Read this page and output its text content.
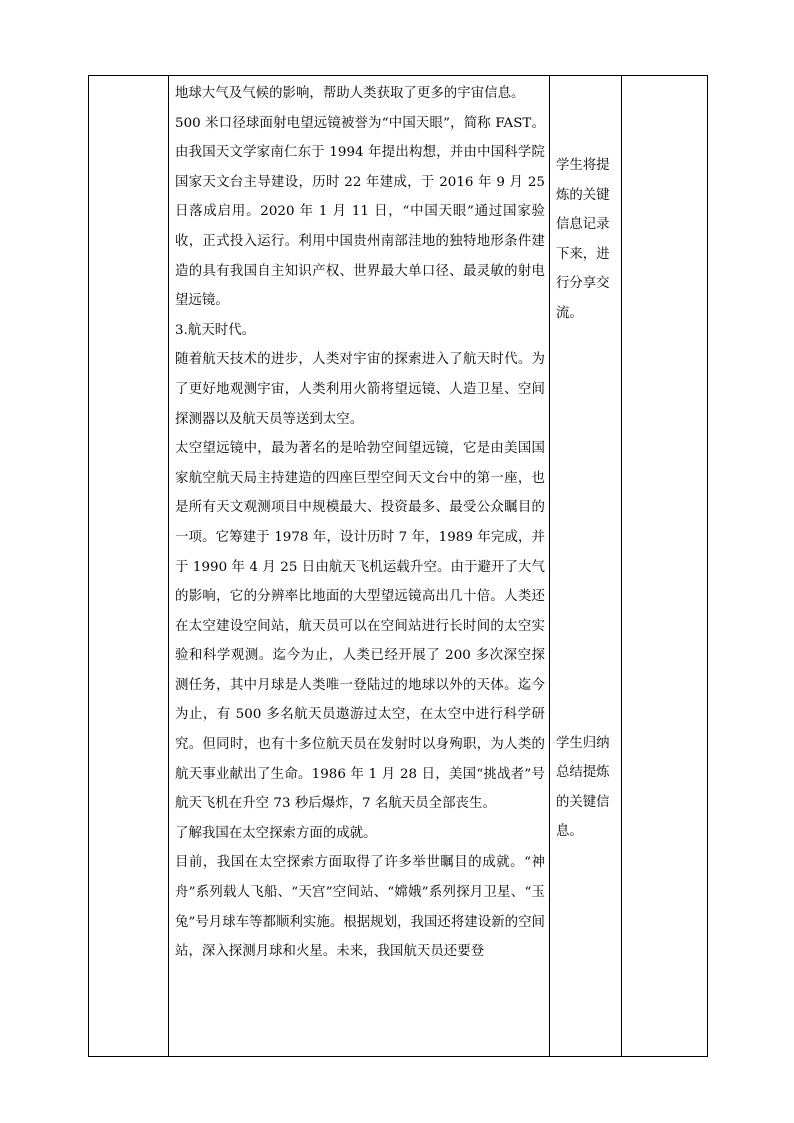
地球大气及气候的影响，帮助人类获取了更多的宇宙信息。

500 米口径球面射电望远镜被誉为“中国天眼”，简称 FAST。由我国天文学家南仁东于 1994 年提出构想，并由中国科学院国家天文台主导建设，历时 22 年建成，于 2016 年 9 月 25 日落成启用。2020 年 1 月 11 日，“中国天眼”通过国家验收，正式投入运行。利用中国贵州南部洼地的独特地形条件建造的具有我国自主知识产权、世界最大单口径、最灵敏的射电望远镜。

3.航天时代。

随着航天技术的进步，人类对宇宙的探索进入了航天时代。为了更好地观测宇宙，人类利用火箭将望远镜、人造卫星、空间探测器以及航天员等送到太空。

太空望远镜中，最为著名的是哈勃空间望远镜，它是由美国国家航空航天局主持建造的四座巨型空间天文台中的第一座，也是所有天文观测项目中规模最大、投资最多、最受公众瞩目的一项。它筹建于 1978 年，设计历时 7 年，1989 年完成，并于 1990 年 4 月 25 日由航天飞机运载升空。由于避开了大气的影响，它的分辨率比地面的大型望远镜高出几十倍。人类还在太空建设空间站，航天员可以在空间站进行长时间的太空实验和科学观测。迄今为止，人类已经开展了 200 多次深空探测任务，其中月球是人类唯一登陆过的地球以外的天体。迄今为止，有 500 多名航天员遨游过太空，在太空中进行科学研究。但同时，也有十多位航天员在发射时以身殉职，为人类的航天事业献出了生命。1986 年 1 月 28 日，美国“挑战者”号航天飞机在升空 73 秒后爆炸，7 名航天员全部丧生。

了解我国在太空探索方面的成就。

目前，我国在太空探索方面取得了许多举世瞩目的成就。“神舟”系列载人飞船、“天宫”空间站、“嫦娥”系列探月卫星、“玉兔”号月球车等都顺利实施。根据规划，我国还将建设新的空间站，深入探测月球和火星。未来，我国航天员还要登

学生将提炼的关键信息记录下来，进行分享交流。
学生归纳总结提炼的关键信息。
